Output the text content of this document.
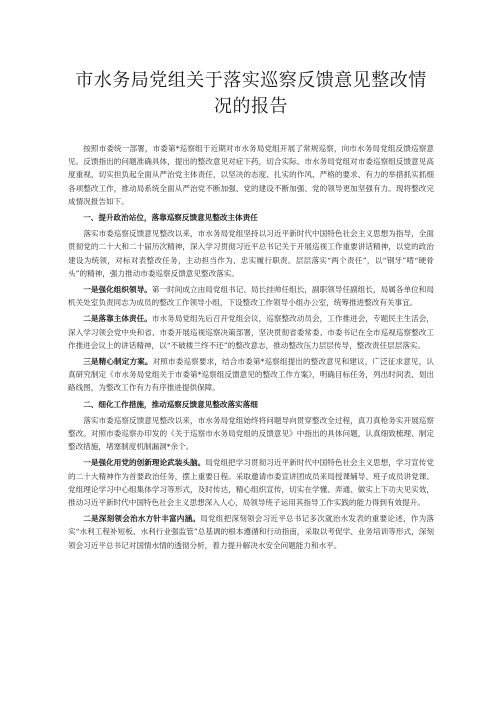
市水务局党组关于落实巡察反馈意见整改情况的报告

按照市委统一部署，市委第*巡察组于近期对市水务局党组开展了常规巡察，向市水务局党组反馈巡察意见。反馈指出的问题准确具体，提出的整改意见对症下药，切合实际。市水务局党组对市委巡察组反馈意见高度重视，切实担负起全面从严治党主体责任，以坚决的态度、扎实的作风、严格的要求、有力的举措抓实抓细各项整改工作，推动局系统全面从严治党不断加强、党的建设不断加强、党的领导更加坚强有力。现将整改完成情况报告如下。

一、提升政治站位，落靠巡察反馈意见整改主体责任

落实市委巡察反馈意见整改以来，市水务局党组坚持以习近平新时代中国特色社会主义思想为指导，全面贯彻党的二十大和二十届历次精神，深入学习贯彻习近平总书记关于开展巡视工作重要讲话精神，以党的政治建设为统领，对标对表整改任务，主动担当作为、忠实履行职责。层层落实“两个责任”，以“钢牙”啃“硬骨头”的精神，强力推动市委巡察反馈意见整改落实。

一是强化组织领导。第一时间成立由局党组书记、局长挂帅任组长，副职领导任副组长，局属各单位和局机关处室负责同志为成员的整改工作领导小组，下设整改工作领导小组办公室，统筹推进整改有关事宜。

二是落靠主体责任。市水务局党组先后召开党组会议，巡察整改动员会，工作推进会，专题民主生活会，深入学习领会党中央和省、市委开展巡视巡察决策部署，坚决贯彻省委常委、市委书记在全市巡视巡察整改工作推进会议上的讲话精神，以“不破楼兰终不还”的整改意志，推动整改压力层层传导，整改责任层层落实。

三是精心制定方案。对照市委巡察要求，结合市委第*巡察组提出的整改意见和建议，广泛征求意见，认真研究制定《市水务局党组关于市委第*巡察组反馈意见的整改工作方案》，明确目标任务，列出时间表、划出路线图，为整改工作有力有序推进提供保障。

二、细化工作措施，推动巡察反馈意见整改落实落细

落实市委巡察反馈意见整改以来，市水务局党组始终将问题导向贯穿整改全过程，真刀真枪务实开展巡察整改。对照市委巡察办印发的《关于巡察市水务局党组的反馈意见》中指出的具体问题，认真细致梳理、制定整改措施，堵塞制度机制漏洞*余个。

一是强化用党的创新理论武装头脑。局党组把学习贯彻习近平新时代中国特色社会主义思想，学习宣传党的二十大精神作为首要政治任务，摆上重要日程。采取邀请市委宣讲团成员来局授课辅导、班子成员讲党课、党组理论学习中心组集体学习等形式，及时传达，精心组织宣传，切实在学懂、弄通、做实上下功夫见实效，推动习近平新时代中国特色社会主义思想深入人心，局领导班子运用其指导工作实践的能力得到有效提升。

二是深刻领会治水方针丰富内涵。局党组把深刻领会习近平总书记多次就治水发表的重要论述，作为落实“水利工程补短板、水利行业强监管”总基调的根本遵循和行动指南，采取以考促学、业务培训等形式，深刻领会习近平总书记对国情水情的透彻分析，着力提升解决水安全问题能力和水平。
